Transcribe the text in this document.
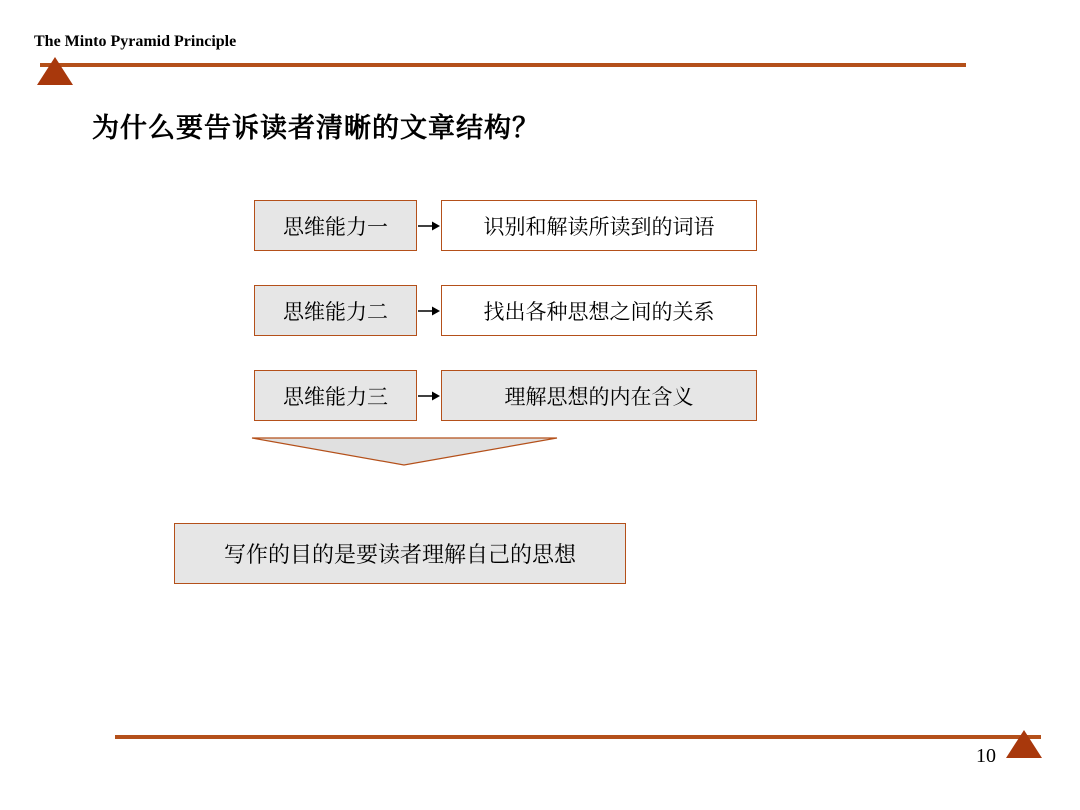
The Minto Pyramid Principle
为什么要告诉读者清晰的文章结构？
思维能力一	识别和解读所读到的词语
思维能力二	找出各种思想之间的关系
思维能力三	理解思想的内在含义
写作的目的是要读者理解自己的思想
10
